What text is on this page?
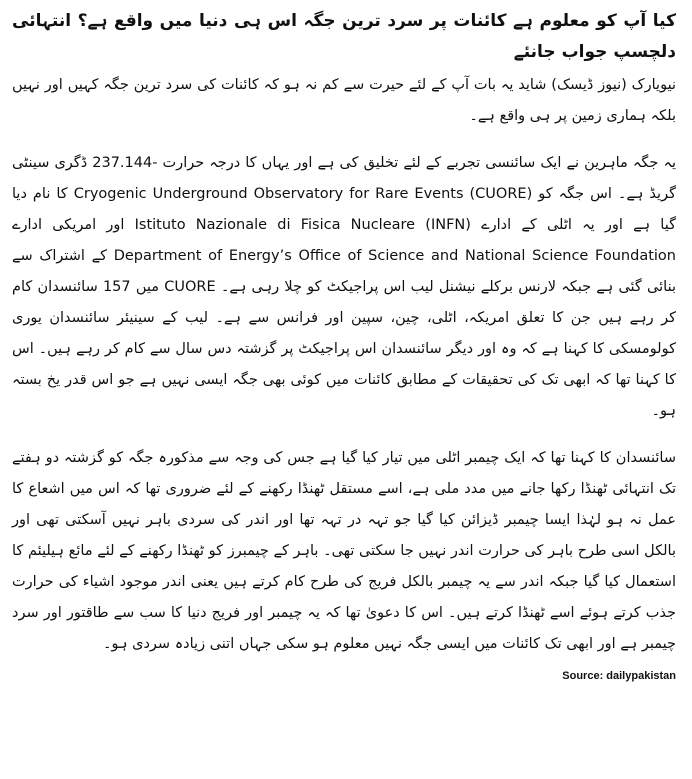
کیا آپ کو معلوم ہے کائنات پر سرد ترین جگہ اس ہی دنیا میں واقع ہے؟ انتہائی دلچسپ جواب جانئے

نیویارک (نیوز ڈیسک) شاید یہ بات آپ کے لئے حیرت سے کم نہ ہو کہ کائنات کی سرد ترین جگہ کہیں اور نہیں بلکہ ہماری زمین پر ہی واقع ہے۔

یہ جگہ ماہرین نے ایک سائنسی تجربے کے لئے تخلیق کی ہے اور یہاں کا درجہ حرارت -237.144 ڈگری سینٹی گریڈ ہے۔ اس جگہ کو Cryogenic Underground Observatory for Rare Events (CUORE) کا نام دیا گیا ہے اور یہ اٹلی کے ادارے Istituto Nazionale di Fisica Nucleare (INFN) اور امریکی ادارے Department of Energy’s Office of Science and National Science Foundation کے اشتراک سے بنائی گئی ہے جبکہ لارنس برکلے نیشنل لیب اس پراجیکٹ کو چلا رہی ہے۔ CUORE میں 157 سائنسدان کام کر رہے ہیں جن کا تعلق امریکہ، اٹلی، چین، سپین اور فرانس سے ہے۔ لیب کے سینیئر سائنسدان یوری کولومسکی کا کہنا ہے کہ وہ اور دیگر سائنسدان اس پراجیکٹ پر گزشتہ دس سال سے کام کر رہے ہیں۔ اس کا کہنا تھا کہ ابھی تک کی تحقیقات کے مطابق کائنات میں کوئی بھی جگہ ایسی نہیں ہے جو اس قدر یخ بستہ ہو۔

سائنسدان کا کہنا تھا کہ ایک چیمبر اٹلی میں تیار کیا گیا ہے جس کی وجہ سے مذکورہ جگہ کو گزشتہ دو ہفتے تک انتہائی ٹھنڈا رکھا جانے میں مدد ملی ہے، اسے مستقل ٹھنڈا رکھنے کے لئے ضروری تھا کہ اس میں اشعاع کا عمل نہ ہو لہٰذا ایسا چیمبر ڈیزائن کیا گیا جو تہہ در تہہ تھا اور اندر کی سردی باہر نہیں آسکتی تھی اور بالکل اسی طرح باہر کی حرارت اندر نہیں جا سکتی تھی۔ باہر کے چیمبرز کو ٹھنڈا رکھنے کے لئے مائع ہیلیئم کا استعمال کیا گیا جبکہ اندر سے یہ چیمبر بالکل فریج کی طرح کام کرتے ہیں یعنی اندر موجود اشیاء کی حرارت جذب کرتے ہوئے اسے ٹھنڈا کرتے ہیں۔ اس کا دعویٰ تھا کہ یہ چیمبر اور فریج دنیا کا سب سے طاقتور اور سرد چیمبر ہے اور ابھی تک کائنات میں ایسی جگہ نہیں معلوم ہو سکی جہاں اتنی زیادہ سردی ہو۔

Source: dailypakistan
